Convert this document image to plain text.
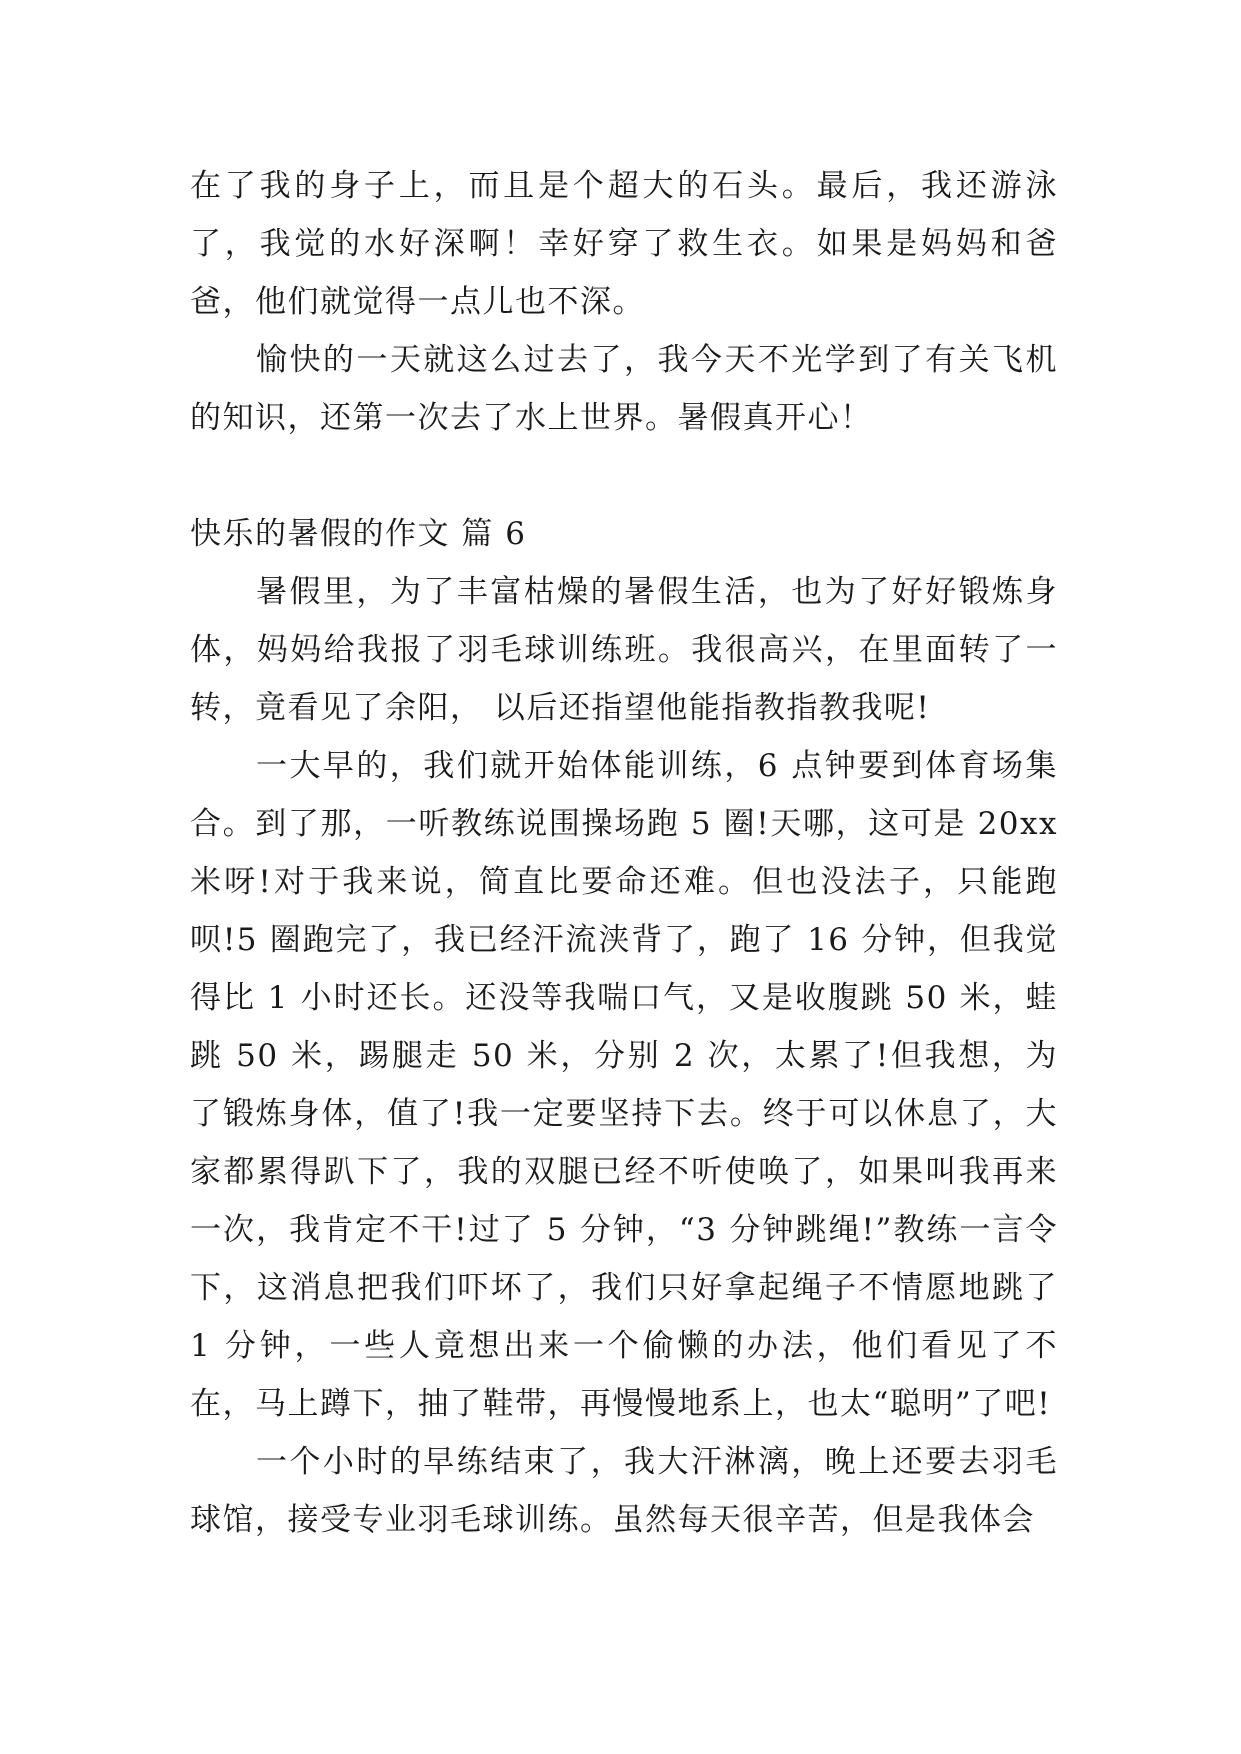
在了我的身子上，而且是个超大的石头。最后，我还游泳了，我觉的水好深啊！幸好穿了救生衣。如果是妈妈和爸爸，他们就觉得一点儿也不深。

愉快的一天就这么过去了，我今天不光学到了有关飞机的知识，还第一次去了水上世界。暑假真开心！

快乐的暑假的作文 篇 6

暑假里，为了丰富枯燥的暑假生活，也为了好好锻炼身体，妈妈给我报了羽毛球训练班。我很高兴，在里面转了一转，竟看见了余阳， 以后还指望他能指教指教我呢!

一大早的，我们就开始体能训练，6 点钟要到体育场集合。到了那，一听教练说围操场跑 5 圈!天哪，这可是 20xx 米呀!对于我来说，简直比要命还难。但也没法子，只能跑呗!5 圈跑完了，我已经汗流浃背了，跑了 16 分钟，但我觉得比 1 小时还长。还没等我喘口气，又是收腹跳 50 米，蛙跳 50 米，踢腿走 50 米，分别 2 次，太累了!但我想，为了锻炼身体，值了!我一定要坚持下去。终于可以休息了，大家都累得趴下了，我的双腿已经不听使唤了，如果叫我再来一次，我肯定不干!过了 5 分钟，“3 分钟跳绳!”教练一言令下，这消息把我们吓坏了，我们只好拿起绳子不情愿地跳了 1 分钟，一些人竟想出来一个偷懒的办法，他们看见了不在，马上蹲下，抽了鞋带，再慢慢地系上，也太“聪明”了吧!

一个小时的早练结束了，我大汗淋漓，晚上还要去羽毛球馆，接受专业羽毛球训练。虽然每天很辛苦，但是我体会
